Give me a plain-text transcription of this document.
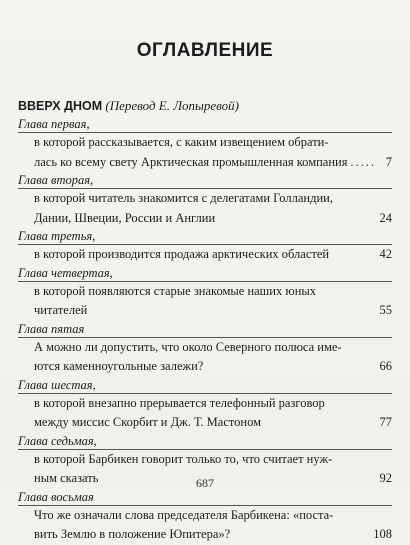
ОГЛАВЛЕНИЕ
ВВЕРХ ДНОМ (Перевод Е. Лопыревой)
Глава первая,
в которой рассказывается, с каким извещением обрати-
лась ко всему свету Арктическая промышленная компания ..... 7
Глава вторая,
в которой читатель знакомится с делегатами Голландии,
Дании, Швеции, России и Англии	24
Глава третья,
в которой производится продажа арктических областей	42
Глава четвертая,
в которой появляются старые знакомые наших юных
читателей	55
Глава пятая
А можно ли допустить, что около Северного полюса име-
ются каменноугольные залежи?	66
Глава шестая,
в которой внезапно прерывается телефонный разговор
между миссис Скорбит и Дж. Т. Мастоном	77
Глава седьмая,
в которой Барбикен говорит только то, что считает нуж-
ным сказать	92
Глава восьмая
Что же означали слова председателя Барбикена: «поста-
вить Землю в положение Юпитера»?	108
687
